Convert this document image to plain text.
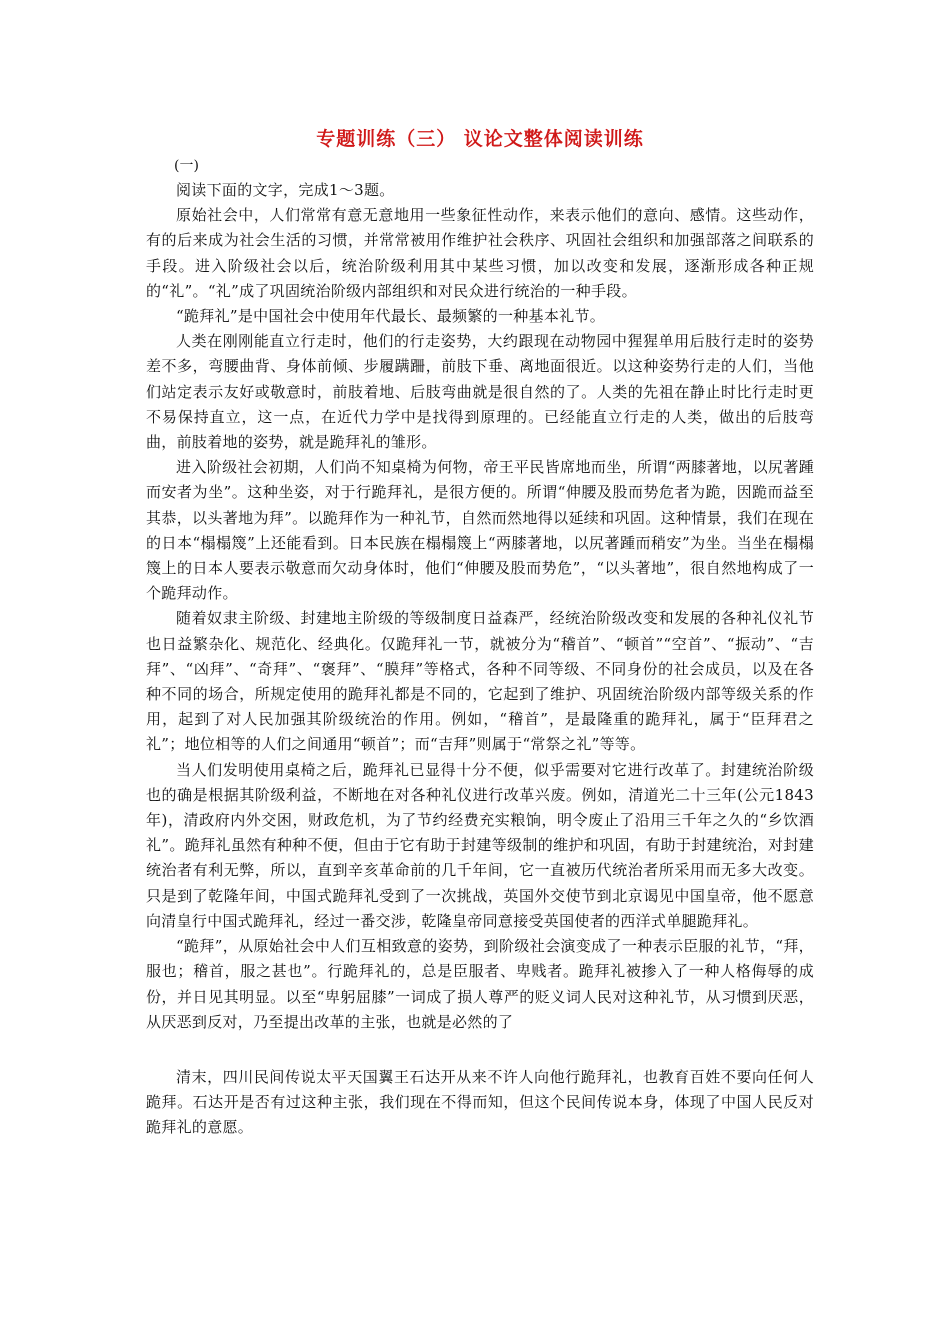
专题训练（三） 议论文整体阅读训练
(一)

阅读下面的文字，完成1～3题。

原始社会中，人们常常有意无意地用一些象征性动作，来表示他们的意向、感情。这些动作，有的后来成为社会生活的习惯，并常常被用作维护社会秩序、巩固社会组织和加强部落之间联系的手段。进入阶级社会以后，统治阶级利用其中某些习惯，加以改变和发展，逐渐形成各种正规的“礼”。“礼”成了巩固统治阶级内部组织和对民众进行统治的一种手段。

“跪拜礼”是中国社会中使用年代最长、最频繁的一种基本礼节。

人类在刚刚能直立行走时，他们的行走姿势，大约跟现在动物园中猩猩单用后肢行走时的姿势差不多，弯腰曲背、身体前倾、步履蹒跚，前肢下垂、离地面很近。以这种姿势行走的人们，当他们站定表示友好或敬意时，前肢着地、后肢弯曲就是很自然的了。人类的先祖在静止时比行走时更不易保持直立，这一点，在近代力学中是找得到原理的。已经能直立行走的人类，做出的后肢弯曲，前肢着地的姿势，就是跪拜礼的雏形。

进入阶级社会初期，人们尚不知桌椅为何物，帝王平民皆席地而坐，所谓“两膝著地，以尻著踵而安者为坐”。这种坐姿，对于行跪拜礼，是很方便的。所谓“伸腰及股而势危者为跪，因跪而益至其恭，以头著地为拜”。以跪拜作为一种礼节，自然而然地得以延续和巩固。这种情景，我们在现在的日本“榻榻篾”上还能看到。日本民族在榻榻篾上“两膝著地，以尻著踵而稍安”为坐。当坐在榻榻篾上的日本人要表示敬意而欠动身体时，他们“伸腰及股而势危”，“以头著地”，很自然地构成了一个跪拜动作。

随着奴隶主阶级、封建地主阶级的等级制度日益森严，经统治阶级改变和发展的各种礼仪礼节也日益繁杂化、规范化、经典化。仅跪拜礼一节，就被分为“稽首”、“顿首”“空首”、“振动”、“吉拜”、“凶拜”、“奇拜”、“褒拜”、“膜拜”等格式，各种不同等级、不同身份的社会成员，以及在各种不同的场合，所规定使用的跪拜礼都是不同的，它起到了维护、巩固统治阶级内部等级关系的作用，起到了对人民加强其阶级统治的作用。例如，“稽首”，是最隆重的跪拜礼，属于“臣拜君之礼”；地位相等的人们之间通用“顿首”；而“吉拜”则属于“常祭之礼”等等。

当人们发明使用桌椅之后，跪拜礼已显得十分不便，似乎需要对它进行改革了。封建统治阶级也的确是根据其阶级利益，不断地在对各种礼仪进行改革兴废。例如，清道光二十三年(公元1843年)，清政府内外交困，财政危机，为了节约经费充实粮饷，明令废止了沿用三千年之久的“乡饮酒礼”。跪拜礼虽然有种种不便，但由于它有助于封建等级制的维护和巩固，有助于封建统治，对封建统治者有利无弊，所以，直到辛亥革命前的几千年间，它一直被历代统治者所采用而无多大改变。只是到了乾隆年间，中国式跪拜礼受到了一次挑战，英国外交使节到北京谒见中国皇帝，他不愿意向清皇行中国式跪拜礼，经过一番交涉，乾隆皇帝同意接受英国使者的西洋式单腿跪拜礼。

“跪拜”，从原始社会中人们互相致意的姿势，到阶级社会演变成了一种表示臣服的礼节，“拜，服也；稽首，服之甚也”。行跪拜礼的，总是臣服者、卑贱者。跪拜礼被掺入了一种人格侮辱的成份，并日见其明显。以至“卑躬屈膝”一词成了损人尊严的贬义词人民对这种礼节，从习惯到厌恶，从厌恶到反对，乃至提出改革的主张，也就是必然的了

清末，四川民间传说太平天国翼王石达开从来不许人向他行跪拜礼，也教育百姓不要向任何人跪拜。石达开是否有过这种主张，我们现在不得而知，但这个民间传说本身，体现了中国人民反对跪拜礼的意愿。
